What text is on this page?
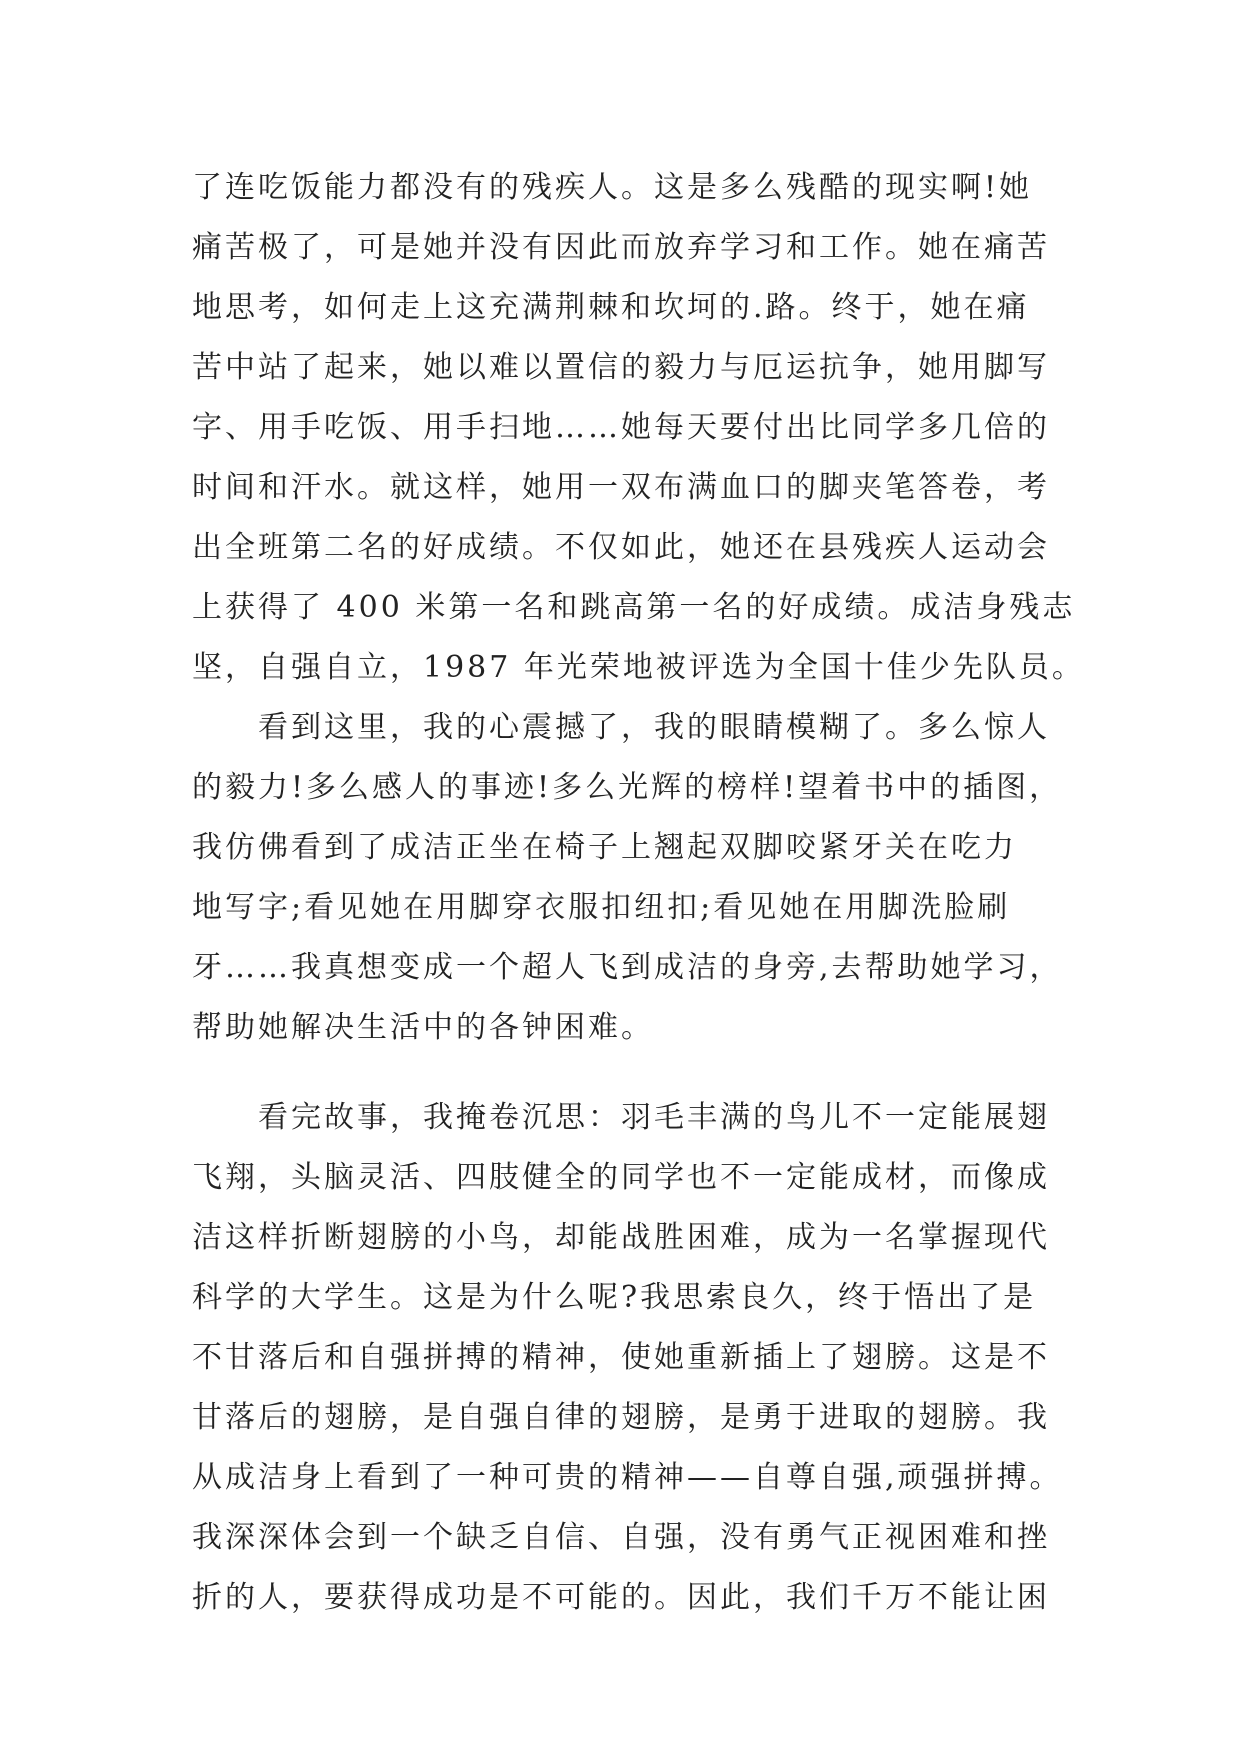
了连吃饭能力都没有的残疾人。这是多么残酷的现实啊!她
痛苦极了，可是她并没有因此而放弃学习和工作。她在痛苦
地思考，如何走上这充满荆棘和坎坷的.路。终于，她在痛
苦中站了起来，她以难以置信的毅力与厄运抗争，她用脚写
字、用手吃饭、用手扫地……她每天要付出比同学多几倍的
时间和汗水。就这样，她用一双布满血口的脚夹笔答卷，考
出全班第二名的好成绩。不仅如此，她还在县残疾人运动会
上获得了 400 米第一名和跳高第一名的好成绩。成洁身残志
坚，自强自立，1987 年光荣地被评选为全国十佳少先队员。
　　看到这里，我的心震撼了，我的眼睛模糊了。多么惊人
的毅力!多么感人的事迹!多么光辉的榜样!望着书中的插图，
我仿佛看到了成洁正坐在椅子上翘起双脚咬紧牙关在吃力
地写字;看见她在用脚穿衣服扣纽扣;看见她在用脚洗脸刷
牙……我真想变成一个超人飞到成洁的身旁,去帮助她学习，
帮助她解决生活中的各钟困难。
　　看完故事，我掩卷沉思：羽毛丰满的鸟儿不一定能展翅
飞翔，头脑灵活、四肢健全的同学也不一定能成材，而像成
洁这样折断翅膀的小鸟，却能战胜困难，成为一名掌握现代
科学的大学生。这是为什么呢?我思索良久，终于悟出了是
不甘落后和自强拼搏的精神，使她重新插上了翅膀。这是不
甘落后的翅膀，是自强自律的翅膀，是勇于进取的翅膀。我
从成洁身上看到了一种可贵的精神——自尊自强,顽强拼搏。
我深深体会到一个缺乏自信、自强，没有勇气正视困难和挫
折的人，要获得成功是不可能的。因此，我们千万不能让困
